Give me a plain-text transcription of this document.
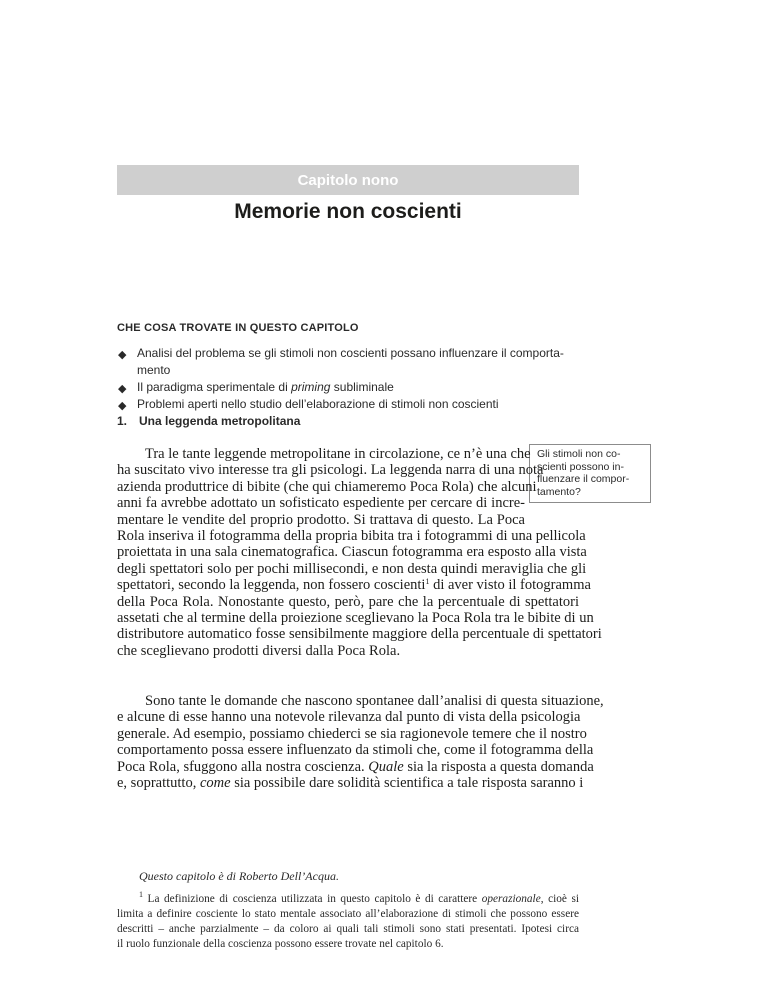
Capitolo nono
Memorie non coscienti
CHE COSA TROVATE IN QUESTO CAPITOLO
◆ Analisi del problema se gli stimoli non coscienti possano influenzare il comporta-
mento
◆ Il paradigma sperimentale di priming subliminale
◆ Problemi aperti nello studio dell’elaborazione di stimoli non coscienti
1. Una leggenda metropolitana
Gli stimoli non co-
scienti possono in-
fluenzare il compor-
tamento?
Tra le tante leggende metropolitane in circolazione, ce n’è una che
ha suscitato vivo interesse tra gli psicologi. La leggenda narra di una nota
azienda produttrice di bibite (che qui chiameremo Poca Rola) che alcuni
anni fa avrebbe adottato un sofisticato espediente per cercare di incre-
mentare le vendite del proprio prodotto. Si trattava di questo. La Poca
Rola inseriva il fotogramma della propria bibita tra i fotogrammi di una pellicola
proiettata in una sala cinematografica. Ciascun fotogramma era esposto alla vista
degli spettatori solo per pochi millisecondi, e non desta quindi meraviglia che gli
spettatori, secondo la leggenda, non fossero coscienti$^1$ di aver visto il fotogramma
della Poca Rola. Nonostante questo, però, pare che la percentuale di spettatori
assetati che al termine della proiezione sceglievano la Poca Rola tra le bibite di un
distributore automatico fosse sensibilmente maggiore della percentuale di spettatori
che sceglievano prodotti diversi dalla Poca Rola.
Sono tante le domande che nascono spontanee dall’analisi di questa situazione,
e alcune di esse hanno una notevole rilevanza dal punto di vista della psicologia
generale. Ad esempio, possiamo chiederci se sia ragionevole temere che il nostro
comportamento possa essere influenzato da stimoli che, come il fotogramma della
Poca Rola, sfuggono alla nostra coscienza. Quale sia la risposta a questa domanda
e, soprattutto, come sia possibile dare solidità scientifica a tale risposta saranno i
Questo capitolo è di Roberto Dell’Acqua.
$^1$ La definizione di coscienza utilizzata in questo capitolo è di carattere operazionale, cioè si
limita a definire cosciente lo stato mentale associato all’elaborazione di stimoli che possono essere
descritti – anche parzialmente – da coloro ai quali tali stimoli sono stati presentati. Ipotesi circa
il ruolo funzionale della coscienza possono essere trovate nel capitolo 6.
